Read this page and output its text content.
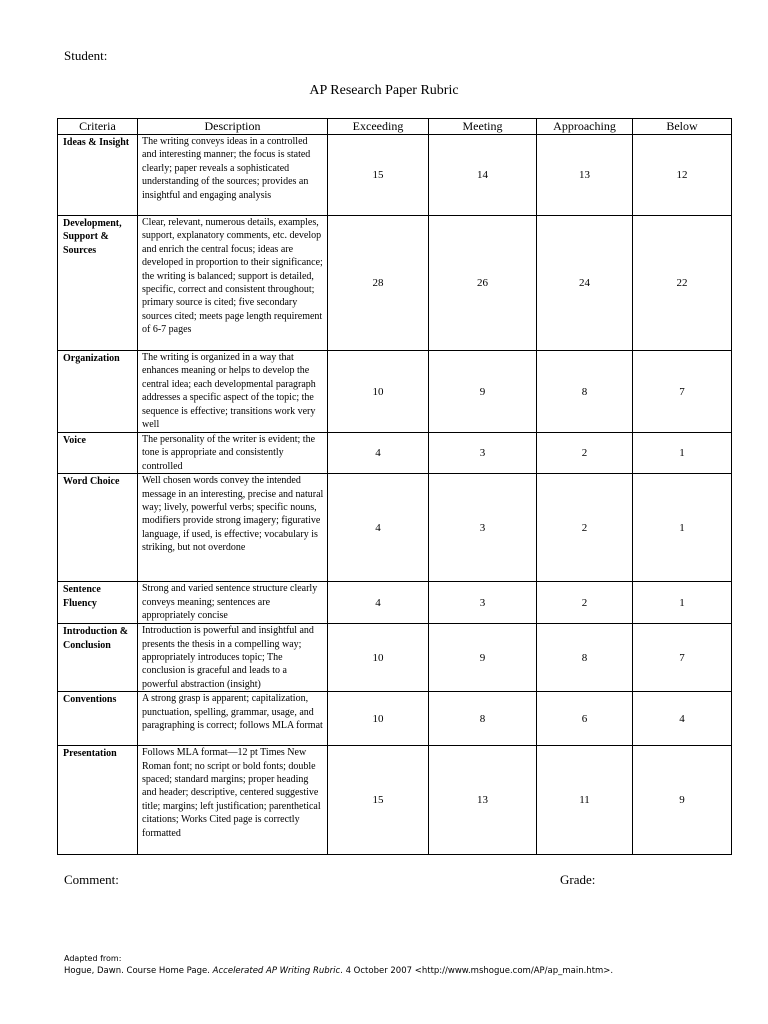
Student:
AP Research Paper Rubric
Criteria	Description	Exceeding	Meeting	Approaching	Below
Ideas & Insight	The writing conveys ideas in a controlled and interesting manner; the focus is stated clearly; paper reveals a sophisticated understanding of the sources; provides an insightful and engaging analysis	15	14	13	12
Development, Support & Sources	Clear, relevant, numerous details, examples, support, explanatory comments, etc. develop and enrich the central focus; ideas are developed in proportion to their significance; the writing is balanced; support is detailed, specific, correct and consistent throughout; primary source is cited; five secondary sources cited; meets page length requirement of 6-7 pages	28	26	24	22
Organization	The writing is organized in a way that enhances meaning or helps to develop the central idea; each developmental paragraph addresses a specific aspect of the topic; the sequence is effective; transitions work very well	10	9	8	7
Voice	The personality of the writer is evident; the tone is appropriate and consistently controlled	4	3	2	1
Word Choice	Well chosen words convey the intended message in an interesting, precise and natural way; lively, powerful verbs; specific nouns, modifiers provide strong imagery; figurative language, if used, is effective; vocabulary is striking, but not overdone	4	3	2	1
Sentence Fluency	Strong and varied sentence structure clearly conveys meaning; sentences are appropriately concise	4	3	2	1
Introduction & Conclusion	Introduction is powerful and insightful and presents the thesis in a compelling way; appropriately introduces topic; The conclusion is graceful and leads to a powerful abstraction (insight)	10	9	8	7
Conventions	A strong grasp is apparent; capitalization, punctuation, spelling, grammar, usage, and paragraphing is correct; follows MLA format	10	8	6	4
Presentation	Follows MLA format—12 pt Times New Roman font; no script or bold fonts; double spaced; standard margins; proper heading and header; descriptive, centered suggestive title; margins; left justification; parenthetical citations; Works Cited page is correctly formatted	15	13	11	9
Comment:	Grade:
Adapted from:
Hogue, Dawn. Course Home Page. Accelerated AP Writing Rubric. 4 October 2007 <http://www.mshogue.com/AP/ap_main.htm>.
